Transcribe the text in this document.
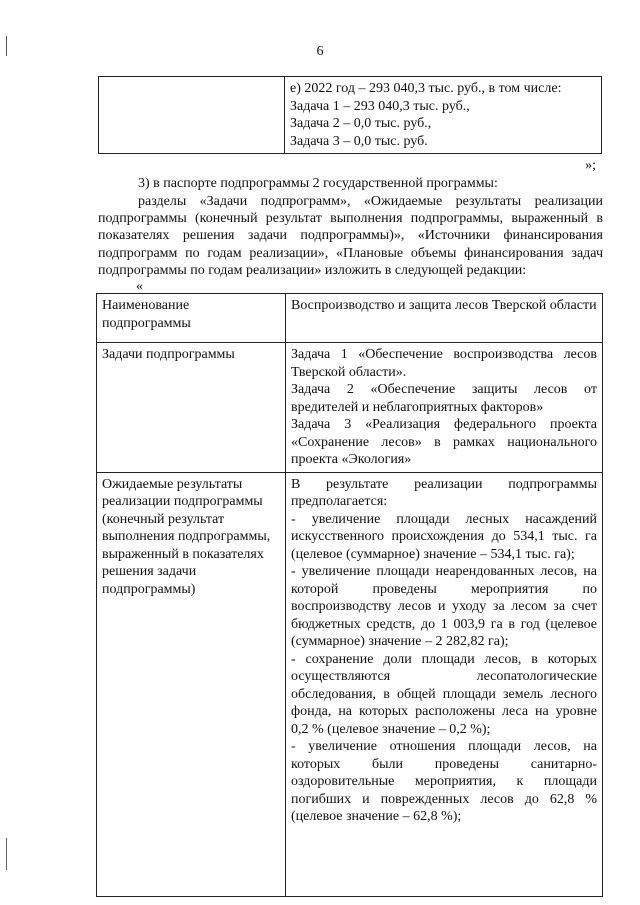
6

е) 2022 год – 293 040,3 тыс. руб., в том числе:
Задача 1 – 293 040,3 тыс. руб.,
Задача 2 – 0,0 тыс. руб.,
Задача 3 – 0,0 тыс. руб.
»;
3) в паспорте подпрограммы 2 государственной программы:
разделы «Задачи подпрограмм», «Ожидаемые результаты реализации подпрограммы (конечный результат выполнения подпрограммы, выраженный в показателях решения задачи подпрограммы)», «Источники финансирования подпрограмм по годам реализации», «Плановые объемы финансирования задач подпрограммы по годам реализации» изложить в следующей редакции:
«
Наименование подпрограммы	Воспроизводство и защита лесов Тверской области
Задачи подпрограммы	Задача 1 «Обеспечение воспроизводства лесов Тверской области».
Задача 2 «Обеспечение защиты лесов от вредителей и неблагоприятных факторов»
Задача 3 «Реализация федерального проекта «Сохранение лесов» в рамках национального проекта «Экология»

Ожидаемые результаты реализации подпрограммы (конечный результат выполнения подпрограммы, выраженный в показателях решения задачи подпрограммы)	В результате реализации подпрограммы предполагается:
- увеличение площади лесных насаждений искусственного происхождения до 534,1 тыс. га (целевое (суммарное) значение – 534,1 тыс. га);
- увеличение площади неарендованных лесов, на которой проведены мероприятия по воспроизводству лесов и уходу за лесом за счет бюджетных средств, до 1 003,9 га в год (целевое (суммарное) значение – 2 282,82 га);
- сохранение доли площади лесов, в которых осуществляются лесопатологические обследования, в общей площади земель лесного фонда, на которых расположены леса на уровне 0,2 % (целевое значение – 0,2 %);
- увеличение отношения площади лесов, на которых были проведены санитарно-оздоровительные мероприятия, к площади погибших и поврежденных лесов до 62,8 % (целевое значение – 62,8 %);
